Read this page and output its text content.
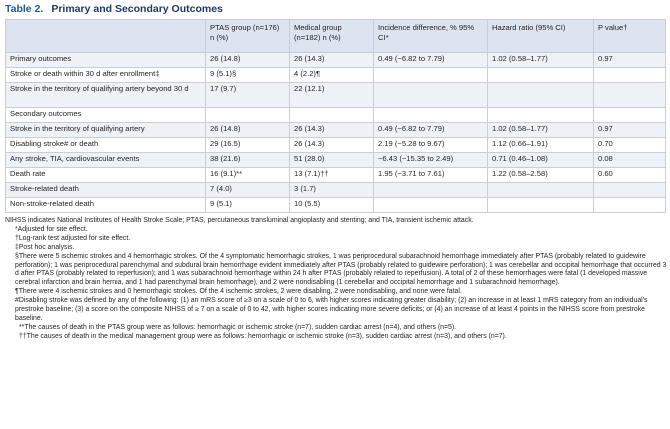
Table 2. Primary and Secondary Outcomes
	PTAS group (n=176) n (%)	Medical group (n=182) n (%)	Incidence difference, % 95% CI*	Hazard ratio (95% CI)	P value†
Primary outcomes	26 (14.8)	26 (14.3)	0.49 (−6.82 to 7.79)	1.02 (0.58–1.77)	0.97
Stroke or death within 30 d after enrollment‡	9 (5.1)§	4 (2.2)¶			
Stroke in the territory of qualifying artery beyond 30 d	17 (9.7)	22 (12.1)			
Secondary outcomes					
Stroke in the territory of qualifying artery	26 (14.8)	26 (14.3)	0.49 (−6.82 to 7.79)	1.02 (0.58–1.77)	0.97
Disabling stroke# or death	29 (16.5)	26 (14.3)	2.19 (−5.28 to 9.67)	1.12 (0.66–1.91)	0.70
Any stroke, TIA, cardiovascular events	38 (21.6)	51 (28.0)	−6.43 (−15.35 to 2.49)	0.71 (0.46–1.08)	0.08
Death rate	16 (9.1)**	13 (7.1)††	1.95 (−3.71 to 7.61)	1.22 (0.58–2.58)	0.60
Stroke-related death	7 (4.0)	3 (1.7)			
Non-stroke-related death	9 (5.1)	10 (5.5)			

NIHSS indicates National Institutes of Health Stroke Scale; PTAS, percutaneous transluminal angioplasty and stenting; and TIA, transient ischemic attack.

*Adjusted for site effect.

†Log-rank test adjusted for site effect.

‡Post hoc analysis.

§There were 5 ischemic strokes and 4 hemorrhagic strokes. Of the 4 symptomatic hemorrhagic strokes, 1 was periprocedural subarachnoid hemorrhage immediately after PTAS (probably related to guidewire perforation); 1 was periprocedural parenchymal and subdural brain hemorrhage evident immediately after PTAS (probably related to guidewire perforation); 1 was cerebellar and occipital hemorrhage that occurred 3 d after PTAS (probably related to reperfusion); and 1 was subarachnoid hemorrhage within 24 h after PTAS (probably related to reperfusion). A total of 2 of these hemorrhages were fatal (1 developed massive cerebral infarction and brain hernia, and 1 had parenchymal brain hemorrhage), and 2 were nondisabling (1 cerebellar and occipital hemorrhage and 1 subarachnoid hemorrhage).

¶There were 4 ischemic strokes and 0 hemorrhagic strokes. Of the 4 ischemic strokes, 2 were disabling, 2 were nondisabling, and none were fatal.

#Disabling stroke was defined by any of the following: (1) an mRS score of ≥3 on a scale of 0 to 6, with higher scores indicating greater disability; (2) an increase in at least 1 mRS category from an individual's prestroke baseline; (3) a score on the composite NIHSS of ≥ 7 on a scale of 0 to 42, with higher scores indicating more severe deficits; or (4) an increase of at least 4 points in the NIHSS score from prestroke baseline.

**The causes of death in the PTAS group were as follows: hemorrhagic or ischemic stroke (n=7), sudden cardiac arrest (n=4), and others (n=5).

††The causes of death in the medical management group were as follows: hemorrhagic or ischemic stroke (n=3), sudden cardiac arrest (n=3), and others (n=7).
